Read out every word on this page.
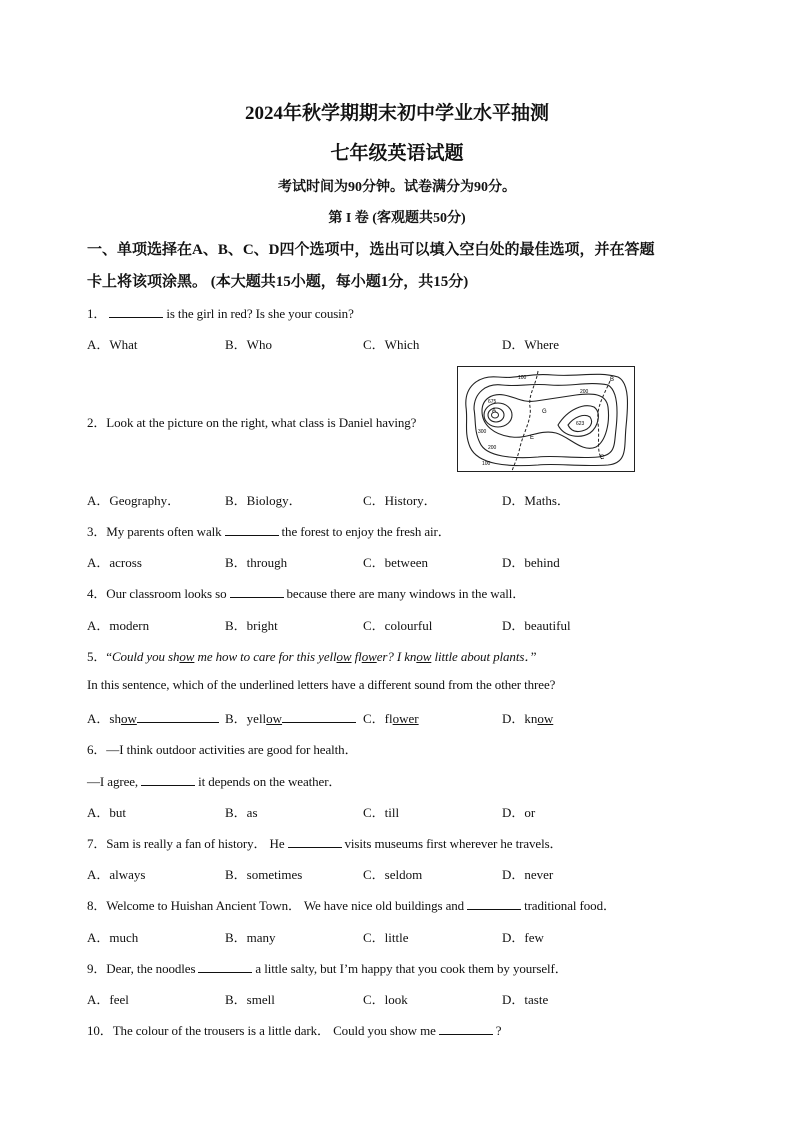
2024年秋学期期末初中学业水平抽测
七年级英语试题
考试时间为90分钟。试卷满分为90分。
第 I 卷 (客观题共50分)
一、单项选择在A、B、C、D四个选项中，选出可以填入空白处的最佳选项，并在答题
卡上将该项涂黑。 (本大题共15小题，每小题1分，共15分)
1．	is the girl in red? Is she your cousin?
A．What	B．Who	C．Which	D．Where
2．Look at the picture on the right, what class is Daniel having?
A
B
C
E
G
675
623
100
100
200
200
300
A．Geography．	B．Biology．	C．History．	D．Maths．
3．My parents often walk	the forest to enjoy the fresh air．
A．across	B．through	C．between	D．behind
4．Our classroom looks so	because there are many windows in the wall．
A．modern	B．bright	C．colourful	D．beautiful
5．“Could you show me how to care for this yellow flower? I know little about plants．”
In this sentence, which of the underlined letters have a different sound from the other three?
A．show	B．yellow	C．flower	D．know
6．—I think outdoor activities are good for health．
—I agree,	it depends on the weather．
A．but	B．as	C．till	D．or
7．Sam is really a fan of history． He	visits museums first wherever he travels．
A．always	B．sometimes	C．seldom	D．never
8．Welcome to Huishan Ancient Town． We have nice old buildings and	traditional food．
A．much	B．many	C．little	D．few
9．Dear, the noodles	a little salty, but I’m happy that you cook them by yourself．
A．feel	B．smell	C．look	D．taste
10．The colour of the trousers is a little dark． Could you show me	?
